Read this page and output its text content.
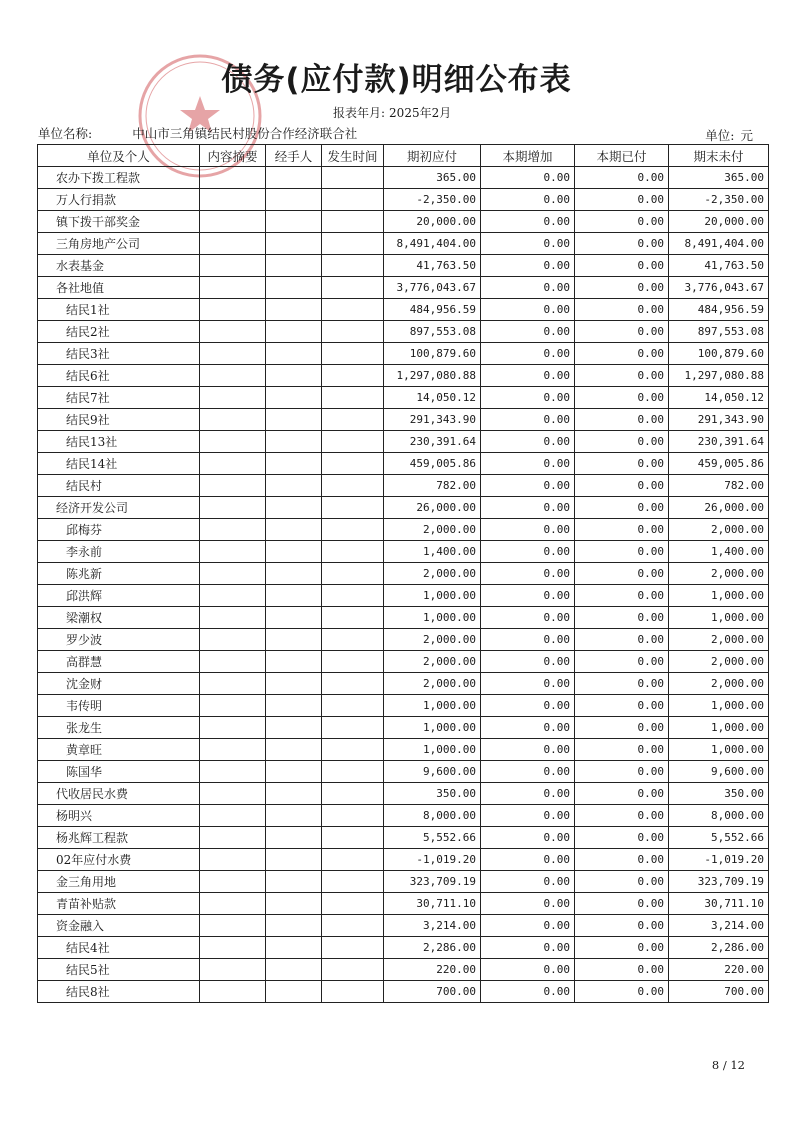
债务(应付款)明细公布表
报表年月: 2025年2月
单位名称:	中山市三角镇结民村股份合作经济联合社	单位: 元
单位及个人	内容摘要	经手人	发生时间	期初应付	本期增加	本期已付	期末未付
农办下拨工程款				365.00	0.00	0.00	365.00
万人行捐款				-2,350.00	0.00	0.00	-2,350.00
镇下拨干部奖金				20,000.00	0.00	0.00	20,000.00
三角房地产公司				8,491,404.00	0.00	0.00	8,491,404.00
水表基金				41,763.50	0.00	0.00	41,763.50
各社地值				3,776,043.67	0.00	0.00	3,776,043.67
结民1社				484,956.59	0.00	0.00	484,956.59
结民2社				897,553.08	0.00	0.00	897,553.08
结民3社				100,879.60	0.00	0.00	100,879.60
结民6社				1,297,080.88	0.00	0.00	1,297,080.88
结民7社				14,050.12	0.00	0.00	14,050.12
结民9社				291,343.90	0.00	0.00	291,343.90
结民13社				230,391.64	0.00	0.00	230,391.64
结民14社				459,005.86	0.00	0.00	459,005.86
结民村				782.00	0.00	0.00	782.00
经济开发公司				26,000.00	0.00	0.00	26,000.00
邱梅芬				2,000.00	0.00	0.00	2,000.00
李永前				1,400.00	0.00	0.00	1,400.00
陈兆新				2,000.00	0.00	0.00	2,000.00
邱洪辉				1,000.00	0.00	0.00	1,000.00
梁潮权				1,000.00	0.00	0.00	1,000.00
罗少波				2,000.00	0.00	0.00	2,000.00
高群慧				2,000.00	0.00	0.00	2,000.00
沈金财				2,000.00	0.00	0.00	2,000.00
韦传明				1,000.00	0.00	0.00	1,000.00
张龙生				1,000.00	0.00	0.00	1,000.00
黄章旺				1,000.00	0.00	0.00	1,000.00
陈国华				9,600.00	0.00	0.00	9,600.00
代收居民水费				350.00	0.00	0.00	350.00
杨明兴				8,000.00	0.00	0.00	8,000.00
杨兆辉工程款				5,552.66	0.00	0.00	5,552.66
02年应付水费				-1,019.20	0.00	0.00	-1,019.20
金三角用地				323,709.19	0.00	0.00	323,709.19
青苗补贴款				30,711.10	0.00	0.00	30,711.10
资金融入				3,214.00	0.00	0.00	3,214.00
结民4社				2,286.00	0.00	0.00	2,286.00
结民5社				220.00	0.00	0.00	220.00
结民8社				700.00	0.00	0.00	700.00
8 / 12
